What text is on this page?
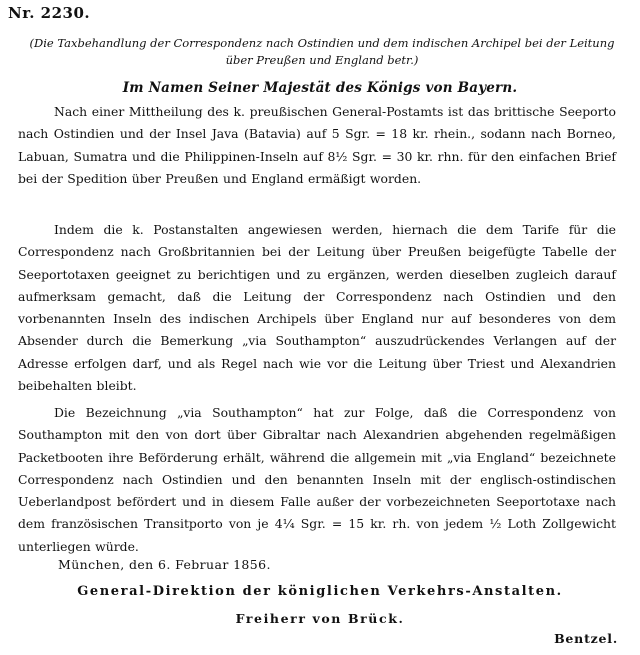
Nr. 2230.
(Die Taxbehandlung der Correspondenz nach Ostindien und dem indischen Archipel bei der Leitung über Preußen und England betr.)
Im Namen Seiner Majestät des Königs von Bayern.

Nach einer Mittheilung des k. preußischen General-Postamts ist das brittische Seeporto nach Ostindien und der Insel Java (Batavia) auf 5 Sgr. = 18 kr. rhein., sodann nach Borneo, Labuan, Sumatra und die Philippinen-Inseln auf 8½ Sgr. = 30 kr. rhn. für den einfachen Brief bei der Spedition über Preußen und England ermäßigt worden.

Indem die k. Postanstalten angewiesen werden, hiernach die dem Tarife für die Correspondenz nach Großbritannien bei der Leitung über Preußen beigefügte Tabelle der Seeportotaxen geeignet zu berichtigen und zu ergänzen, werden dieselben zugleich darauf aufmerksam gemacht, daß die Leitung der Correspondenz nach Ostindien und den vorbenannten Inseln des indischen Archipels über England nur auf besonderes von dem Absender durch die Bemerkung „via Southampton“ auszudrückendes Verlangen auf der Adresse erfolgen darf, und als Regel nach wie vor die Leitung über Triest und Alexandrien beibehalten bleibt.

Die Bezeichnung „via Southampton“ hat zur Folge, daß die Correspondenz von Southampton mit den von dort über Gibraltar nach Alexandrien abgehenden regelmäßigen Packetbooten ihre Beförderung erhält, während die allgemein mit „via England“ bezeichnete Correspondenz nach Ostindien und den benannten Inseln mit der englisch-ostindischen Ueberlandpost befördert und in diesem Falle außer der vorbezeichneten Seeportotaxe nach dem französischen Transitporto von je 4¼ Sgr. = 15 kr. rh. von jedem ½ Loth Zollgewicht unterliegen würde.

München, den 6. Februar 1856.
General-Direktion der königlichen Verkehrs-Anstalten.
Freiherr von Brück.
Bentzel.
